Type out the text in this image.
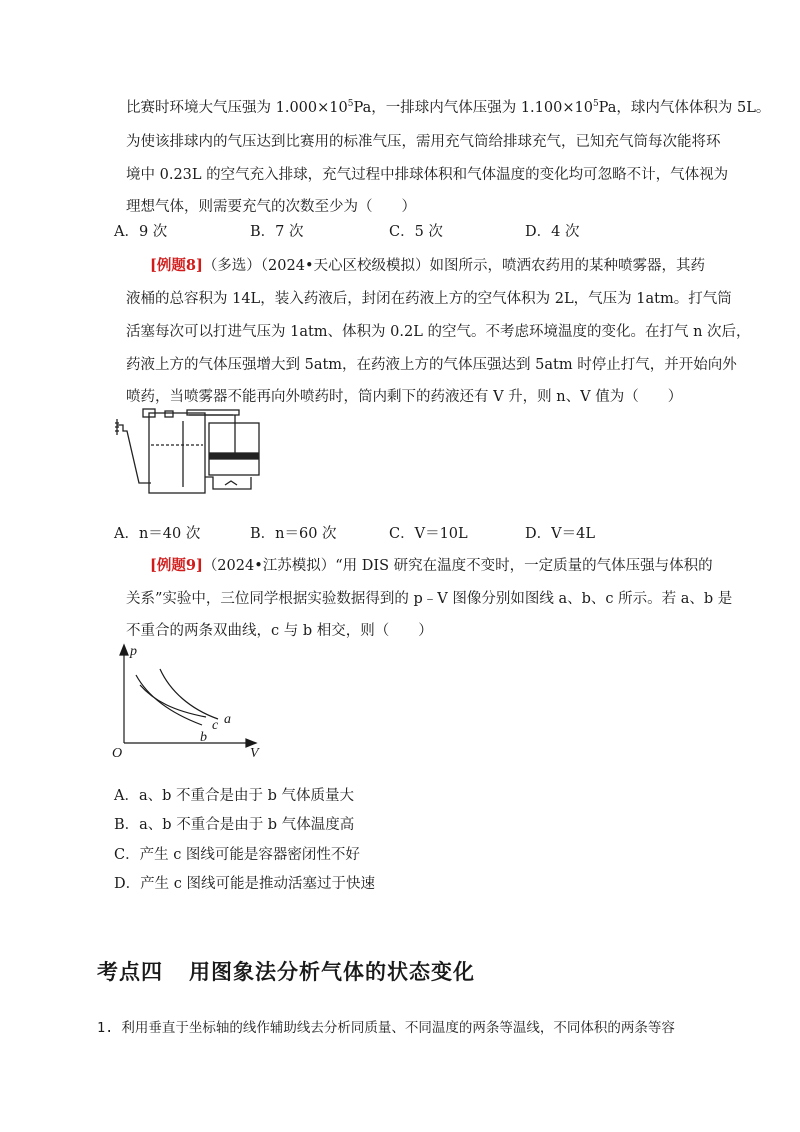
比赛时环境大气压强为 $1.000\times 10^5Pa$，一排球内气体压强为 $1.100\times 10^5Pa$，球内气体体积为 5L。
为使该排球内的气压达到比赛用的标准气压，需用充气筒给排球充气，已知充气筒每次能将环
境中 0.23L 的空气充入排球，充气过程中排球体积和气体温度的变化均可忽略不计，气体视为
理想气体，则需要充气的次数至少为（　　）
A．9 次	B．7 次	C．5 次	D．4 次
[例题8]（多选）（2024•天心区校级模拟）如图所示，喷洒农药用的某种喷雾器，其药
液桶的总容积为 14L，装入药液后，封闭在药液上方的空气体积为 2L，气压为 1atm。打气筒
活塞每次可以打进气压为 1atm、体积为 0.2L 的空气。不考虑环境温度的变化。在打气 n 次后，
药液上方的气体压强增大到 5atm，在药液上方的气体压强达到 5atm 时停止打气，并开始向外
喷药，当喷雾器不能再向外喷药时，筒内剩下的药液还有 V 升，则 n、V 值为（　　）
A．n＝40 次	B．n＝60 次	C．V＝10L	D．V＝4L
[例题9]（2024•江苏模拟）“用 DIS 研究在温度不变时，一定质量的气体压强与体积的
关系”实验中，三位同学根据实验数据得到的 p﹣V 图像分别如图线 a、b、c 所示。若 a、b 是
不重合的两条双曲线，c 与 b 相交，则（　　）
p
V
O
a
b
c
A．a、b 不重合是由于 b 气体质量大
B．a、b 不重合是由于 b 气体温度高
C．产生 c 图线可能是容器密闭性不好
D．产生 c 图线可能是推动活塞过于快速
考点四 用图象法分析气体的状态变化
1. 利用垂直于坐标轴的线作辅助线去分析同质量、不同温度的两条等温线，不同体积的两条等容
